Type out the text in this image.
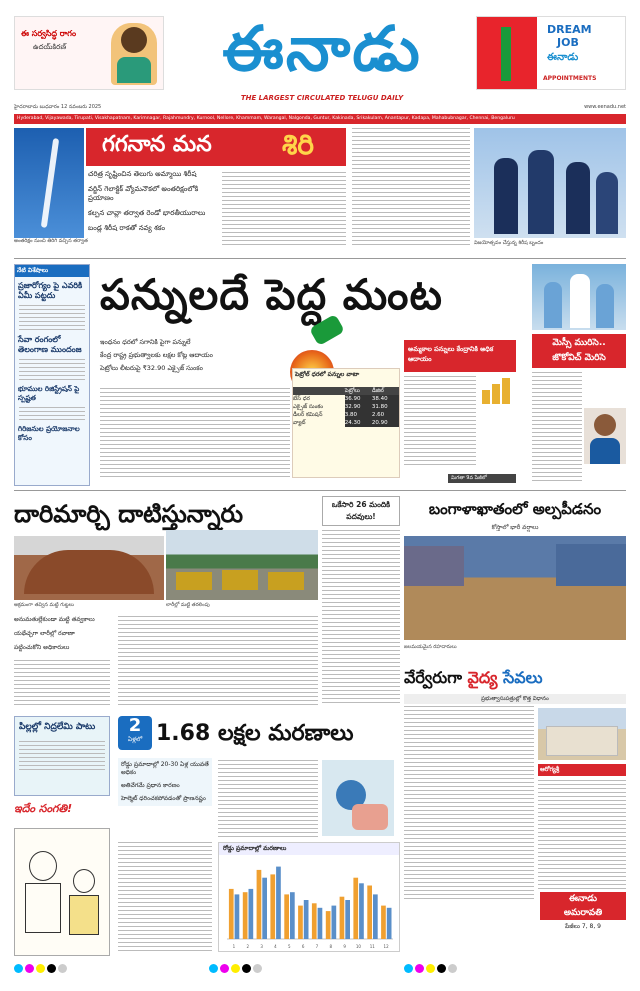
ఈ సర్వసిద్ధ రాగం
ఉదయ్‌కిరణ్	ఈనాడు
THE LARGEST CIRCULATED TELUGU DAILY
DREAM
JOB
ఈనాడు
APPOINTMENTS
హైదరాబాదు బుధవారం 12 నవంబరు 2025	www.eenadu.net
Hyderabad, Vijayawada, Tirupati, Visakhapatnam, Karimnagar, Rajahmundry, Kurnool, Nellore, Khammam, Warangal, Nalgonda, Guntur, Kakinada, Srikakulam, Anantapur, Kadapa, Mahabubnagar, Chennai, Bengaluru
గగనాన మన	శిరి
చరిత్ర సృష్టించిన తెలుగు అమ్మాయి శిరీష
వర్జిన్ గెలాక్టిక్ వ్యోమనౌకలో అంతరిక్షంలోకి ప్రయాణం
కల్పన చావ్లా తర్వాత రెండో భారతీయురాలు
బండ్ల శిరీష రాకతో నవ్య శకం
అంతరిక్షం నుంచి తిరిగి వచ్చిన తర్వాత	విజయోత్సవం చేస్తున్న శిరీష బృందం
నేటి విశేషాలు
ప్రజారోగ్యం పై ఎవరికి ఏమీ పట్టదు
సేవా రంగంలో తెలంగాణ ముందంజ
భూముల రిజిస్ట్రేషన్ పై స్పష్టత
గిరిజనుల ప్రయోజనాల కోసం
పన్నులదే పెద్ద మంట
ఇంధనం ధరలో సగానికి పైగా పన్నులే
కేంద్ర రాష్ట్ర ప్రభుత్వాలకు లక్షల కోట్ల ఆదాయం
పెట్రోలు లీటరుపై ₹32.90 ఎక్సైజ్ సుంకం
పెట్రోల్ ధరలో పన్నుల వాటా
	పెట్రోలు	డీజిల్
బేస్ ధర	36.90	38.40
ఎక్సైజ్ సుంకం	32.90	31.80
డీలర్ కమిషన్	3.80	2.60
వ్యాట్	24.30	20.90
అమ్మకాల పన్నులు కేంద్రానికి అధిక ఆదాయం
మిగతా 9వ పేజీలో
మెస్సీ మురిసె..
జొకోవిచ్ మెరిసె
దారిమార్చి దాటిస్తున్నారు
అక్రమంగా తవ్విన మట్టి గుట్టలు	లారీల్లో మట్టి తరలింపు
అనుమతుల్లేకుండా మట్టి తవ్వకాలు
యథేచ్ఛగా లారీల్లో రవాణా
పట్టించుకోని అధికారులు
ఒకేసారి 26 మందికి పదవులు!	బంగాళాఖాతంలో అల్పపీడనం
కోస్తాలో భారీ వర్షాలు
జలమయమైన రహదారులు
వేర్వేరుగా వైద్య సేవలు
ప్రభుత్వాసుపత్రుల్లో కొత్త విధానం
ఆరోగ్యశ్రీ
పిల్లల్లో నిద్రలేమి పాటు
ఇదేం సంగతి!
2
ఏళ్లలో 1.68 లక్షల మరణాలు
రోడ్డు ప్రమాదాల్లో 20-30 ఏళ్ల యువతే అధికం
అతివేగమే ప్రధాన కారణం
హెల్మెట్ ధరించకపోవడంతో ప్రాణనష్టం
రోడ్డు ప్రమాదాల్లో మరణాలు
1	2	3	4	5	6	7	8	9 10 11 12
ఈనాడు
అమరావతి
పేజీలు 7, 8, 9
